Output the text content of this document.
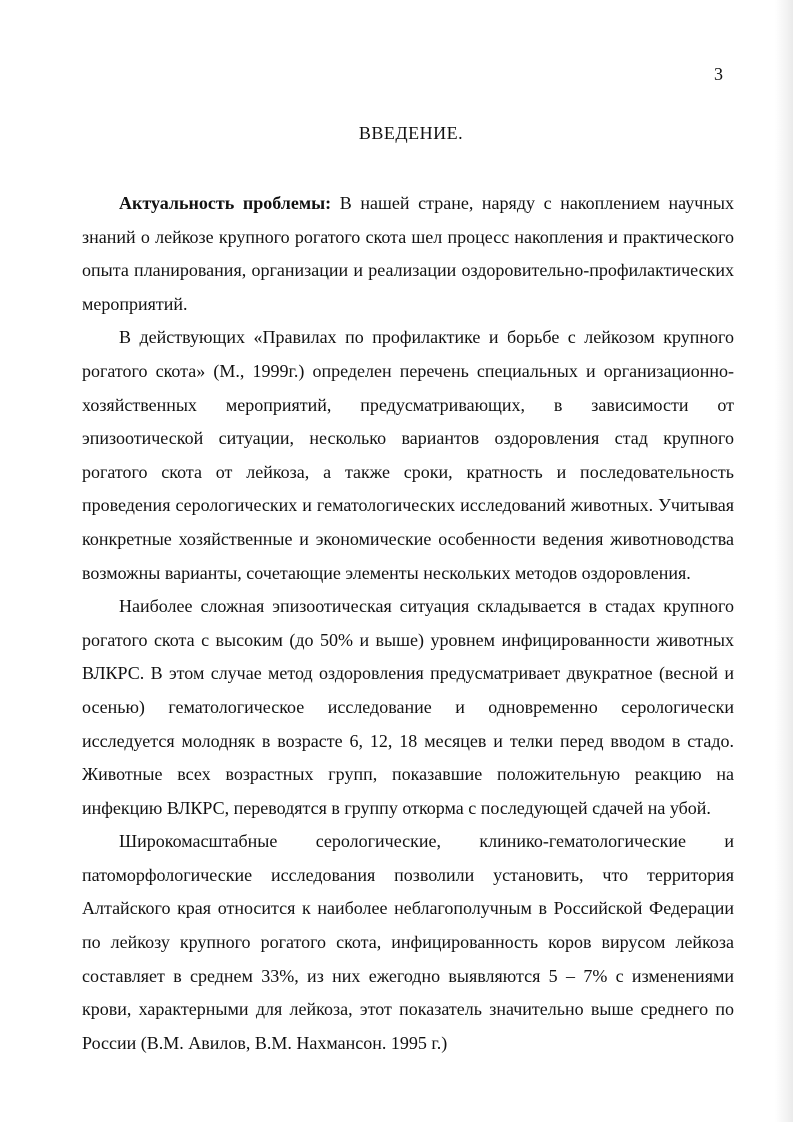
3
ВВЕДЕНИЕ.

Актуальность проблемы: В нашей стране, наряду с накоплением научных знаний о лейкозе крупного рогатого скота шел процесс накопления и практического опыта планирования, организации и реализации оздоровительно-профилактических мероприятий.

В действующих «Правилах по профилактике и борьбе с лейкозом крупного рогатого скота» (М., 1999г.) определен перечень специальных и организационно-хозяйственных мероприятий, предусматривающих, в зависимости от эпизоотической ситуации, несколько вариантов оздоровления стад крупного рогатого скота от лейкоза, а также сроки, кратность и последовательность проведения серологических и гематологических исследований животных. Учитывая конкретные хозяйственные и экономические особенности ведения животноводства возможны варианты, сочетающие элементы нескольких методов оздоровления.

Наиболее сложная эпизоотическая ситуация складывается в стадах крупного рогатого скота с высоким (до 50% и выше) уровнем инфицированности животных ВЛКРС. В этом случае метод оздоровления предусматривает двукратное (весной и осенью) гематологическое исследование и одновременно серологически исследуется молодняк в возрасте 6, 12, 18 месяцев и телки перед вводом в стадо. Животные всех возрастных групп, показавшие положительную реакцию на инфекцию ВЛКРС, переводятся в группу откорма с последующей сдачей на убой.

Широкомасштабные серологические, клинико-гематологические и патоморфологические исследования позволили установить, что территория Алтайского края относится к наиболее неблагополучным в Российской Федерации по лейкозу крупного рогатого скота, инфицированность коров вирусом лейкоза составляет в среднем 33%, из них ежегодно выявляются 5 – 7% с изменениями крови, характерными для лейкоза, этот показатель значительно выше среднего по России (В.М. Авилов, В.М. Нахмансон. 1995 г.)
